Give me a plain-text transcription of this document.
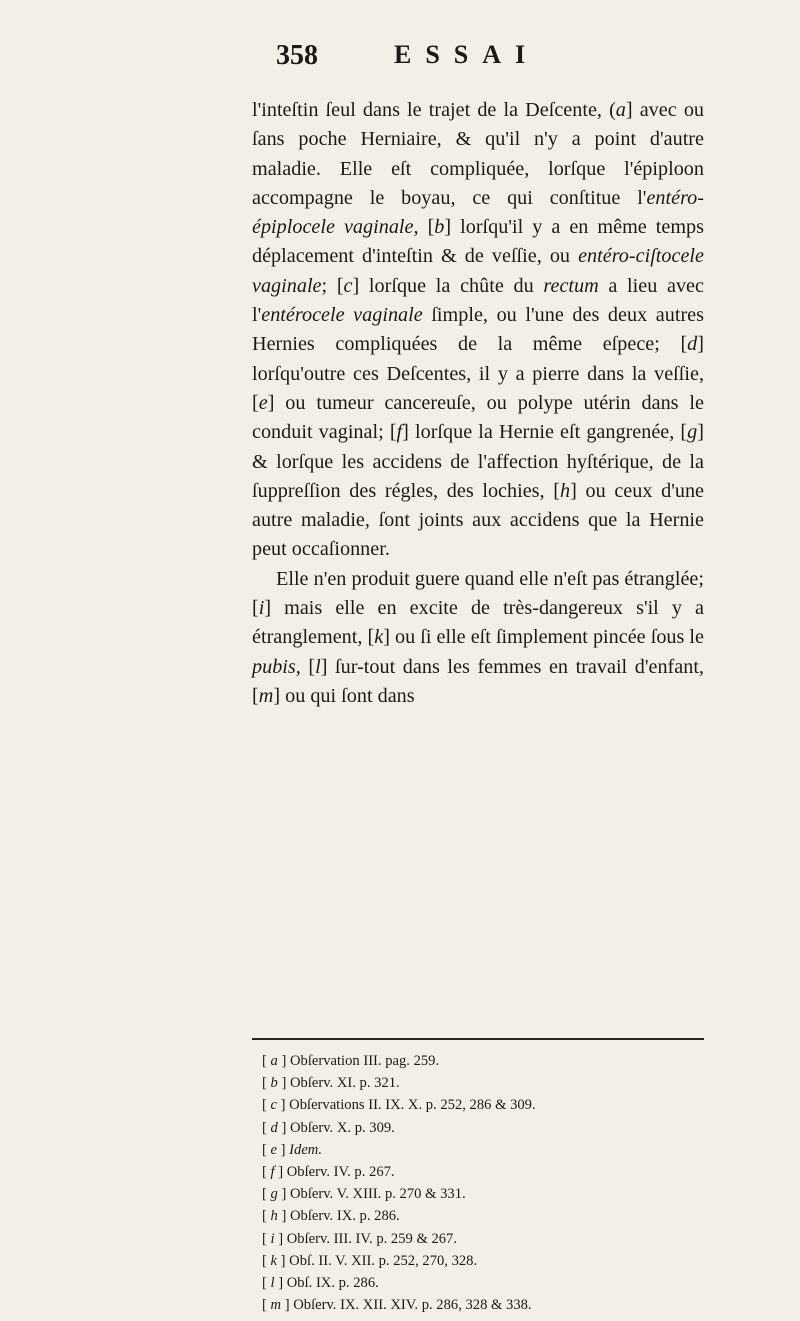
358	ESSAI

l'inteſtin ſeul dans le trajet de la Deſcente, (a] avec ou ſans poche Herniaire, & qu'il n'y a point d'autre maladie. Elle eſt compliquée, lorſque l'épiploon accompagne le boyau, ce qui conſtitue l'entéro-épiplocele vaginale, [b] lorſqu'il y a en même temps déplacement d'inteſtin & de veſſie, ou entéro-ciſtocele vaginale; [c] lorſque la chûte du rectum a lieu avec l'entérocele vaginale ſimple, ou l'une des deux autres Hernies compliquées de la même eſpece; [d] lorſqu'outre ces Deſcentes, il y a pierre dans la veſſie, [e] ou tumeur cancereuſe, ou polype utérin dans le conduit vaginal; [f] lorſque la Hernie eſt gangrenée, [g] & lorſque les accidens de l'affection hyſtérique, de la ſuppreſſion des régles, des lochies, [h] ou ceux d'une autre maladie, ſont joints aux accidens que la Hernie peut occaſionner.

Elle n'en produit guere quand elle n'eſt pas étranglée; [i] mais elle en excite de très-dangereux s'il y a étranglement, [k] ou ſi elle eſt ſimplement pincée ſous le pubis, [l] ſur-tout dans les femmes en travail d'enfant, [m] ou qui ſont dans

[ a ] Obſervation III. pag. 259.
[ b ] Obſerv. XI. p. 321.
[ c ] Obſervations II. IX. X. p. 252, 286 & 309.
[ d ] Obſerv. X. p. 309.
[ e ] Idem.
[ f ] Obſerv. IV. p. 267.
[ g ] Obſerv. V. XIII. p. 270 & 331.
[ h ] Obſerv. IX. p. 286.
[ i ] Obſerv. III. IV. p. 259 & 267.
[ k ] Obſ. II. V. XII. p. 252, 270, 328.
[ l ] Obſ. IX. p. 286.
[ m ] Obſerv. IX. XII. XIV. p. 286, 328 & 338.
